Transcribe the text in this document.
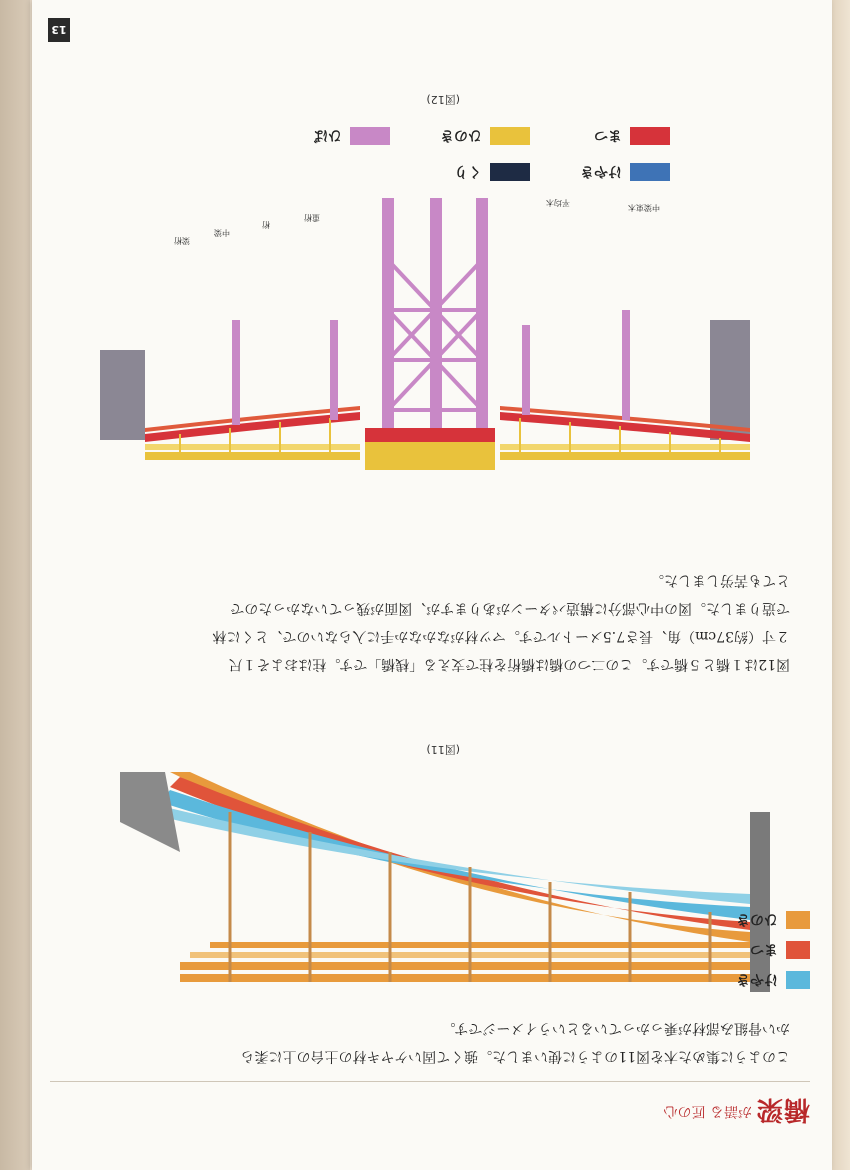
橋梁
が語る 匠の心

このように集めた木を図11のように使いました。強くて固いケヤキ材の土台の上に柔ら

かい骨組み部材が乗っかっているというイメージです。

けやき
まつ
ひのき
(図11)

図12は１橋と５橋です。この二つの橋は橋桁を柱で支える「桟橋」です。柱はおよそ１尺

２寸（約37cm）角、長さ7.5メートルです。マツ材がなかなか手に入らないので、とくに林

で造りました。図の中心部分に構造パターンがありますが、図面が残っていなかったので

とても苦労しました。

中梁束木
平均木
重桁
桁
中梁
梁桁
けやき
くり
まつ
ひのき
ひば
(図12)
13
